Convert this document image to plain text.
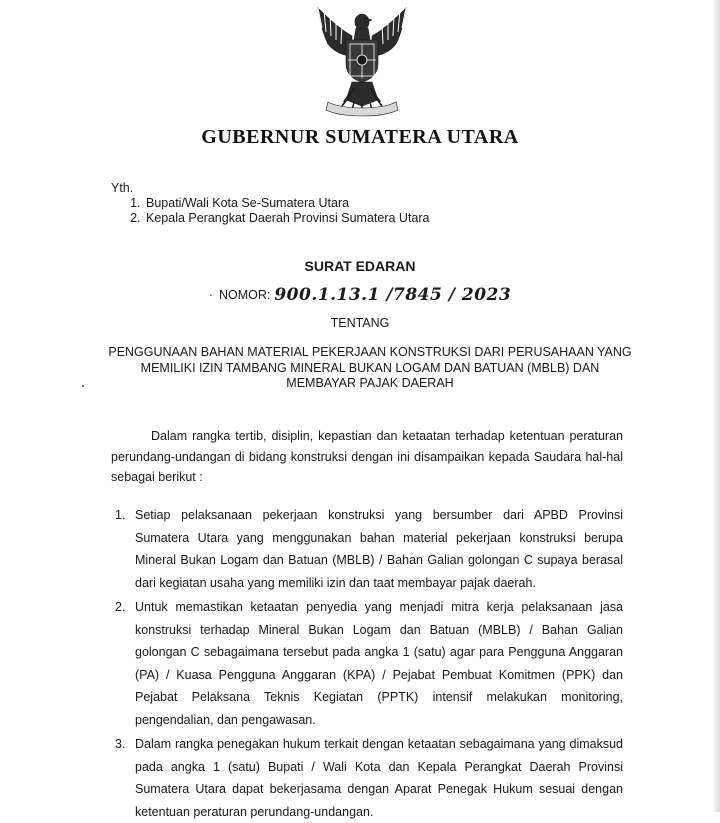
GUBERNUR SUMATERA UTARA
Yth.
1. Bupati/Wali Kota Se-Sumatera Utara
2. Kepala Perangkat Daerah Provinsi Sumatera Utara
SURAT EDARAN
· NOMOR: 900.1.13.1 /7845 / 2023
TENTANG
PENGGUNAAN BAHAN MATERIAL PEKERJAAN KONSTRUKSI DARI PERUSAHAAN YANG
MEMILIKI IZIN TAMBANG MINERAL BUKAN LOGAM DAN BATUAN (MBLB) DAN
MEMBAYAR PAJAK DAERAH

Dalam rangka tertib, disiplin, kepastian dan ketaatan terhadap ketentuan peraturan perundang-undangan di bidang konstruksi dengan ini disampaikan kepada Saudara hal-hal sebagai berikut :

1. Setiap pelaksanaan pekerjaan konstruksi yang bersumber dari APBD Provinsi Sumatera Utara yang menggunakan bahan material pekerjaan konstruksi berupa Mineral Bukan Logam dan Batuan (MBLB) / Bahan Galian golongan C supaya berasal dari kegiatan usaha yang memiliki izin dan taat membayar pajak daerah.
2. Untuk memastikan ketaatan penyedia yang menjadi mitra kerja pelaksanaan jasa konstruksi terhadap Mineral Bukan Logam dan Batuan (MBLB) / Bahan Galian golongan C sebagaimana tersebut pada angka 1 (satu) agar para Pengguna Anggaran (PA) / Kuasa Pengguna Anggaran (KPA) / Pejabat Pembuat Komitmen (PPK) dan Pejabat Pelaksana Teknis Kegiatan (PPTK) intensif melakukan monitoring, pengendalian, dan pengawasan.
3. Dalam rangka penegakan hukum terkait dengan ketaatan sebagaimana yang dimaksud pada angka 1 (satu) Bupati / Wali Kota dan Kepala Perangkat Daerah Provinsi Sumatera Utara dapat bekerjasama dengan Aparat Penegak Hukum sesuai dengan ketentuan peraturan perundang-undangan.
